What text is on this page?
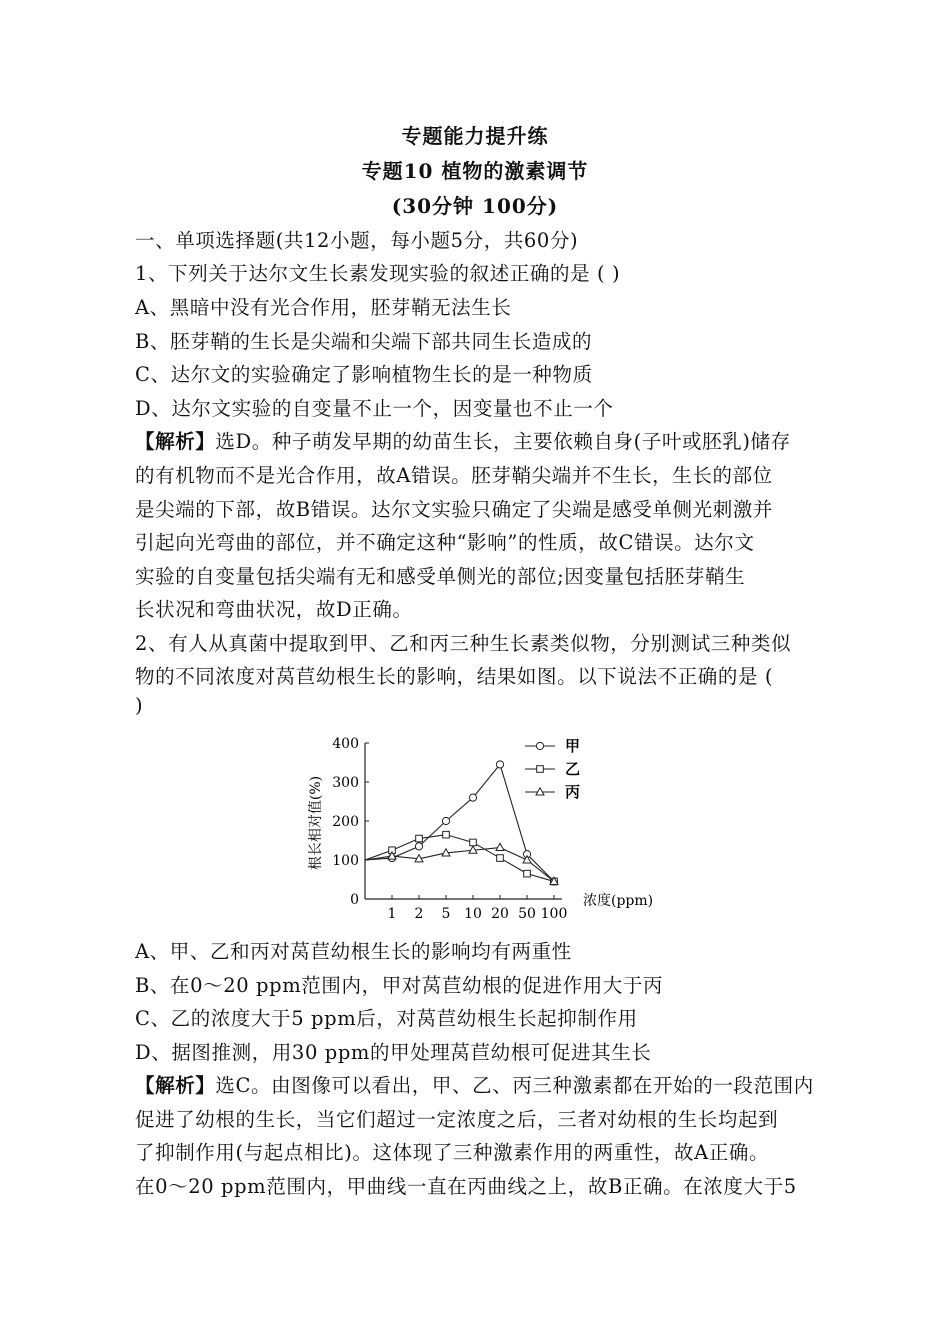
专题能力提升练
专题10 植物的激素调节
(30分钟 100分)
一、单项选择题(共12小题，每小题5分，共60分)
1、下列关于达尔文生长素发现实验的叙述正确的是 ( )
A、黑暗中没有光合作用，胚芽鞘无法生长
B、胚芽鞘的生长是尖端和尖端下部共同生长造成的
C、达尔文的实验确定了影响植物生长的是一种物质
D、达尔文实验的自变量不止一个，因变量也不止一个
【解析】选D。种子萌发早期的幼苗生长，主要依赖自身(子叶或胚乳)储存
的有机物而不是光合作用，故A错误。胚芽鞘尖端并不生长，生长的部位
是尖端的下部，故B错误。达尔文实验只确定了尖端是感受单侧光刺激并
引起向光弯曲的部位，并不确定这种“影响”的性质，故C错误。达尔文
实验的自变量包括尖端有无和感受单侧光的部位;因变量包括胚芽鞘生
长状况和弯曲状况，故D正确。
2、有人从真菌中提取到甲、乙和丙三种生长素类似物，分别测试三种类似
物的不同浓度对莴苣幼根生长的影响，结果如图。以下说法不正确的是 (
)
0
100
200
300
400
1 2 5 10 20 50 100
根长相对值(%)
浓度(ppm)
甲
乙
丙
A、甲、乙和丙对莴苣幼根生长的影响均有两重性
B、在0～20 ppm范围内，甲对莴苣幼根的促进作用大于丙
C、乙的浓度大于5 ppm后，对莴苣幼根生长起抑制作用
D、据图推测，用30 ppm的甲处理莴苣幼根可促进其生长
【解析】选C。由图像可以看出，甲、乙、丙三种激素都在开始的一段范围内
促进了幼根的生长，当它们超过一定浓度之后，三者对幼根的生长均起到
了抑制作用(与起点相比)。这体现了三种激素作用的两重性，故A正确。
在0～20 ppm范围内，甲曲线一直在丙曲线之上，故B正确。在浓度大于5
